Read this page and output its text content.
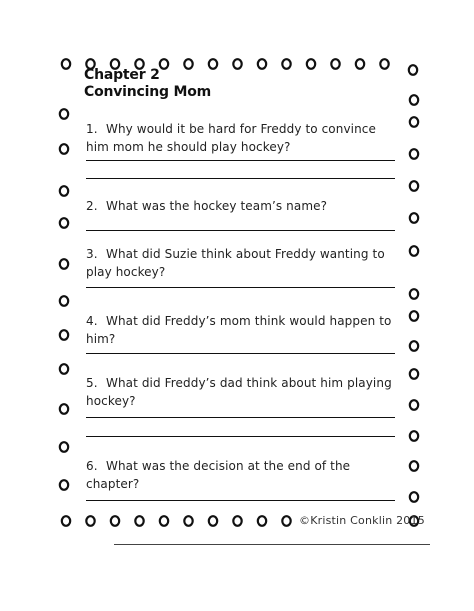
Chapter 2
Convincing Mom
1. Why would it be hard for Freddy to convince him mom he should play hockey?
2. What was the hockey team’s name?
3. What did Suzie think about Freddy wanting to play hockey?
4. What did Freddy’s mom think would happen to him?
5. What did Freddy’s dad think about him playing hockey?
6. What was the decision at the end of the chapter?
©Kristin Conklin 2015
